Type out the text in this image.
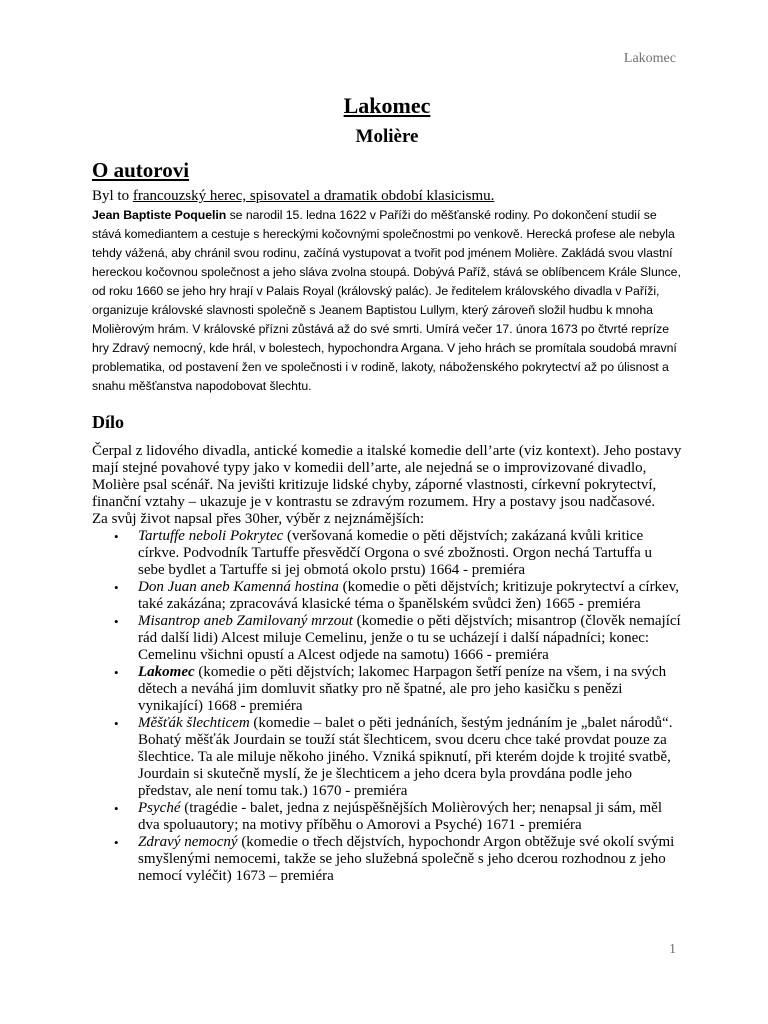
Lakomec
Lakomec
Molière
O autorovi

Byl to francouzský herec, spisovatel a dramatik období klasicismu.

Jean Baptiste Poquelin se narodil 15. ledna 1622 v Paříži do měšťanské rodiny. Po dokončení studií se stává komediantem a cestuje s hereckými kočovnými společnostmi po venkově. Herecká profese ale nebyla tehdy vážená, aby chránil svou rodinu, začíná vystupovat a tvořit pod jménem Molière. Zakládá svou vlastní hereckou kočovnou společnost a jeho sláva zvolna stoupá. Dobývá Paříž, stává se oblíbencem Krále Slunce, od roku 1660 se jeho hry hrají v Palais Royal (královský palác). Je ředitelem královského divadla v Paříži, organizuje královské slavnosti společně s Jeanem Baptistou Lullym, který zároveň složil hudbu k mnoha Molièrovým hrám. V královské přízni zůstává až do své smrti. Umírá večer 17. února 1673 po čtvrté repríze hry Zdravý nemocný, kde hrál, v bolestech, hypochondra Argana. V jeho hrách se promítala soudobá mravní problematika, od postavení žen ve společnosti i v rodině, lakoty, náboženského pokrytectví až po úlisnost a snahu měšťanstva napodobovat šlechtu.

Dílo

Čerpal z lidového divadla, antické komedie a italské komedie dell’arte (viz kontext). Jeho postavy mají stejné povahové typy jako v komedii dell’arte, ale nejedná se o improvizované divadlo, Molière psal scénář. Na jevišti kritizuje lidské chyby, záporné vlastnosti, církevní pokrytectví, finanční vztahy – ukazuje je v kontrastu se zdravým rozumem. Hry a postavy jsou nadčasové.

Za svůj život napsal přes 30her, výběr z nejznámějších:

• Tartuffe neboli Pokrytec (veršovaná komedie o pěti dějstvích; zakázaná kvůli kritice církve. Podvodník Tartuffe přesvědčí Orgona o své zbožnosti. Orgon nechá Tartuffa u sebe bydlet a Tartuffe si jej obmotá okolo prstu) 1664 - premiéra
• Don Juan aneb Kamenná hostina (komedie o pěti dějstvích; kritizuje pokrytectví a církev, také zakázána; zpracovává klasické téma o španělském svůdci žen) 1665 - premiéra
• Misantrop aneb Zamilovaný mrzout (komedie o pěti dějstvích; misantrop (člověk nemající rád další lidi) Alcest miluje Cemelinu, jenže o tu se ucházejí i další nápadníci; konec: Cemelinu všichni opustí a Alcest odjede na samotu) 1666 - premiéra
• Lakomec (komedie o pěti dějstvích; lakomec Harpagon šetří peníze na všem, i na svých dětech a neváhá jim domluvit sňatky pro ně špatné, ale pro jeho kasičku s penězi vynikající) 1668 - premiéra
• Měšťák šlechticem (komedie – balet o pěti jednáních, šestým jednáním je „balet národů“. Bohatý měšťák Jourdain se touží stát šlechticem, svou dceru chce také provdat pouze za šlechtice. Ta ale miluje někoho jiného. Vzniká spiknutí, při kterém dojde k trojité svatbě, Jourdain si skutečně myslí, že je šlechticem a jeho dcera byla provdána podle jeho představ, ale není tomu tak.) 1670 - premiéra
• Psyché (tragédie - balet, jedna z nejúspěšnějších Molièrových her; nenapsal ji sám, měl dva spoluautory; na motivy příběhu o Amorovi a Psyché) 1671 - premiéra
• Zdravý nemocný (komedie o třech dějstvích, hypochondr Argon obtěžuje své okolí svými smyšlenými nemocemi, takže se jeho služebná společně s jeho dcerou rozhodnou z jeho nemocí vyléčit) 1673 – premiéra
1
